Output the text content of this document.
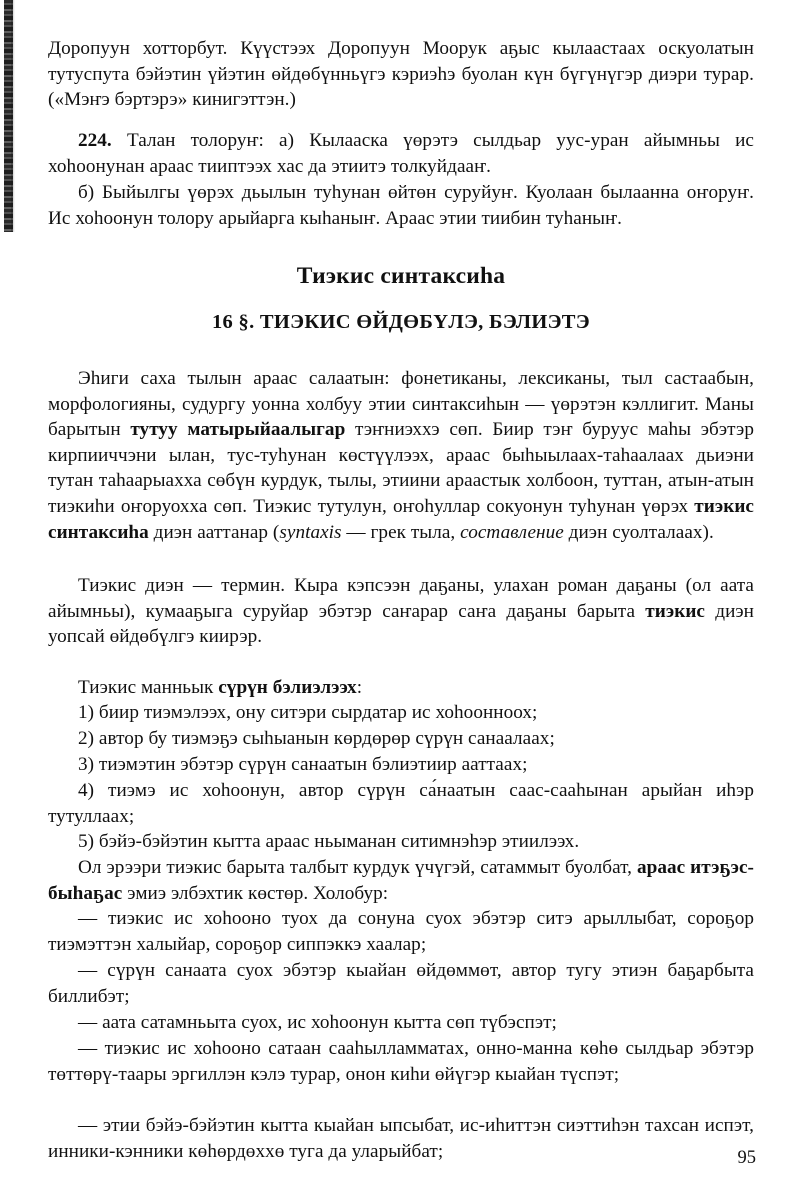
Доропуун хотторбут. Күүстээх Доропуун Моорук аҕыс кылаастаах оскуолатын тутуспута бэйэтин үйэтин өйдөбүнньүгэ кэриэһэ буолан күн бүгүнүгэр диэри турар. («Мэҥэ бэртэрэ» кинигэттэн.)

224. Талан толоруҥ: а) Кылааска үөрэтэ сылдьар уус-уран айымньы ис хоһоонунан араас тииптээх хас да этиитэ толкуйдааҥ.

б) Быйылгы үөрэх дьылын туһунан өйтөн суруйуҥ. Куолаан былаанна оҥоруҥ. Ис хоһоонун толору арыйарга кыһаныҥ. Араас этии тиибин туһаныҥ.

Тиэкис синтаксиһа
16 §. ТИЭКИС ӨЙДӨБҮЛЭ, БЭЛИЭТЭ

Эһиги саха тылын араас салаатын: фонетиканы, лексиканы, тыл састаабын, морфологияны, судургу уонна холбуу этии синтаксиһын — үөрэтэн кэллигит. Маны барытын тутуу матырыйаалыгар тэҥниэххэ сөп. Биир тэҥ буруус маһы эбэтэр кирпииччэни ылан, тус-туһунан көстүүлээх, араас быһыылаах-таһаалаах дьиэни тутан таһаарыахха сөбүн курдук, тылы, этиини араастык холбоон, туттан, атын-атын тиэкиһи оҥоруохха сөп. Тиэкис тутулун, оҥоһуллар сокуонун туһунан үөрэх тиэкис синтаксиһа диэн ааттанар (syntaxis — грек тыла, составление диэн суолталаах).

Тиэкис диэн — термин. Кыра кэпсээн даҕаны, улахан роман даҕаны (ол аата айымньы), кумааҕыга суруйар эбэтэр саҥарар саҥа даҕаны барыта тиэкис диэн уопсай өйдөбүлгэ киирэр.

Тиэкис манньык сүрүн бэлиэлээх:

1) биир тиэмэлээх, ону ситэри сырдатар ис хоһоонноох;

2) автор бу тиэмэҕэ сыһыанын көрдөрөр сүрүн санаалаах;

3) тиэмэтин эбэтэр сүрүн санаатын бэлиэтиир ааттаах;

4) тиэмэ ис хоһоонун, автор сүрүн са́наатын саас-сааһынан арыйан иһэр тутуллаах;

5) бэйэ-бэйэтин кытта араас ньыманан ситимнэһэр этиилээх.

Ол эрээри тиэкис барыта талбыт курдук үчүгэй, сатаммыт буолбат, араас итэҕэс-быһаҕас эмиэ элбэхтик көстөр. Холобур:

— тиэкис ис хоһооно туох да сонуна суох эбэтэр ситэ арыллыбат, сороҕор тиэмэттэн халыйар, сороҕор сиппэккэ хаалар;

— сүрүн санаата суох эбэтэр кыайан өйдөммөт, автор тугу этиэн баҕарбыта биллибэт;

— аата сатамньыта суох, ис хоһоонун кытта сөп түбэспэт;

— тиэкис ис хоһооно сатаан сааһылламматах, онно-манна көһө сылдьар эбэтэр төттөрү-таары эргиллэн кэлэ турар, онон киһи өйүгэр кыайан түспэт;

— этии бэйэ-бэйэтин кытта кыайан ыпсыбат, ис-иһиттэн сиэттиһэн тахсан испэт, инники-кэнники көһөрдөххө туга да уларыйбат;	95
